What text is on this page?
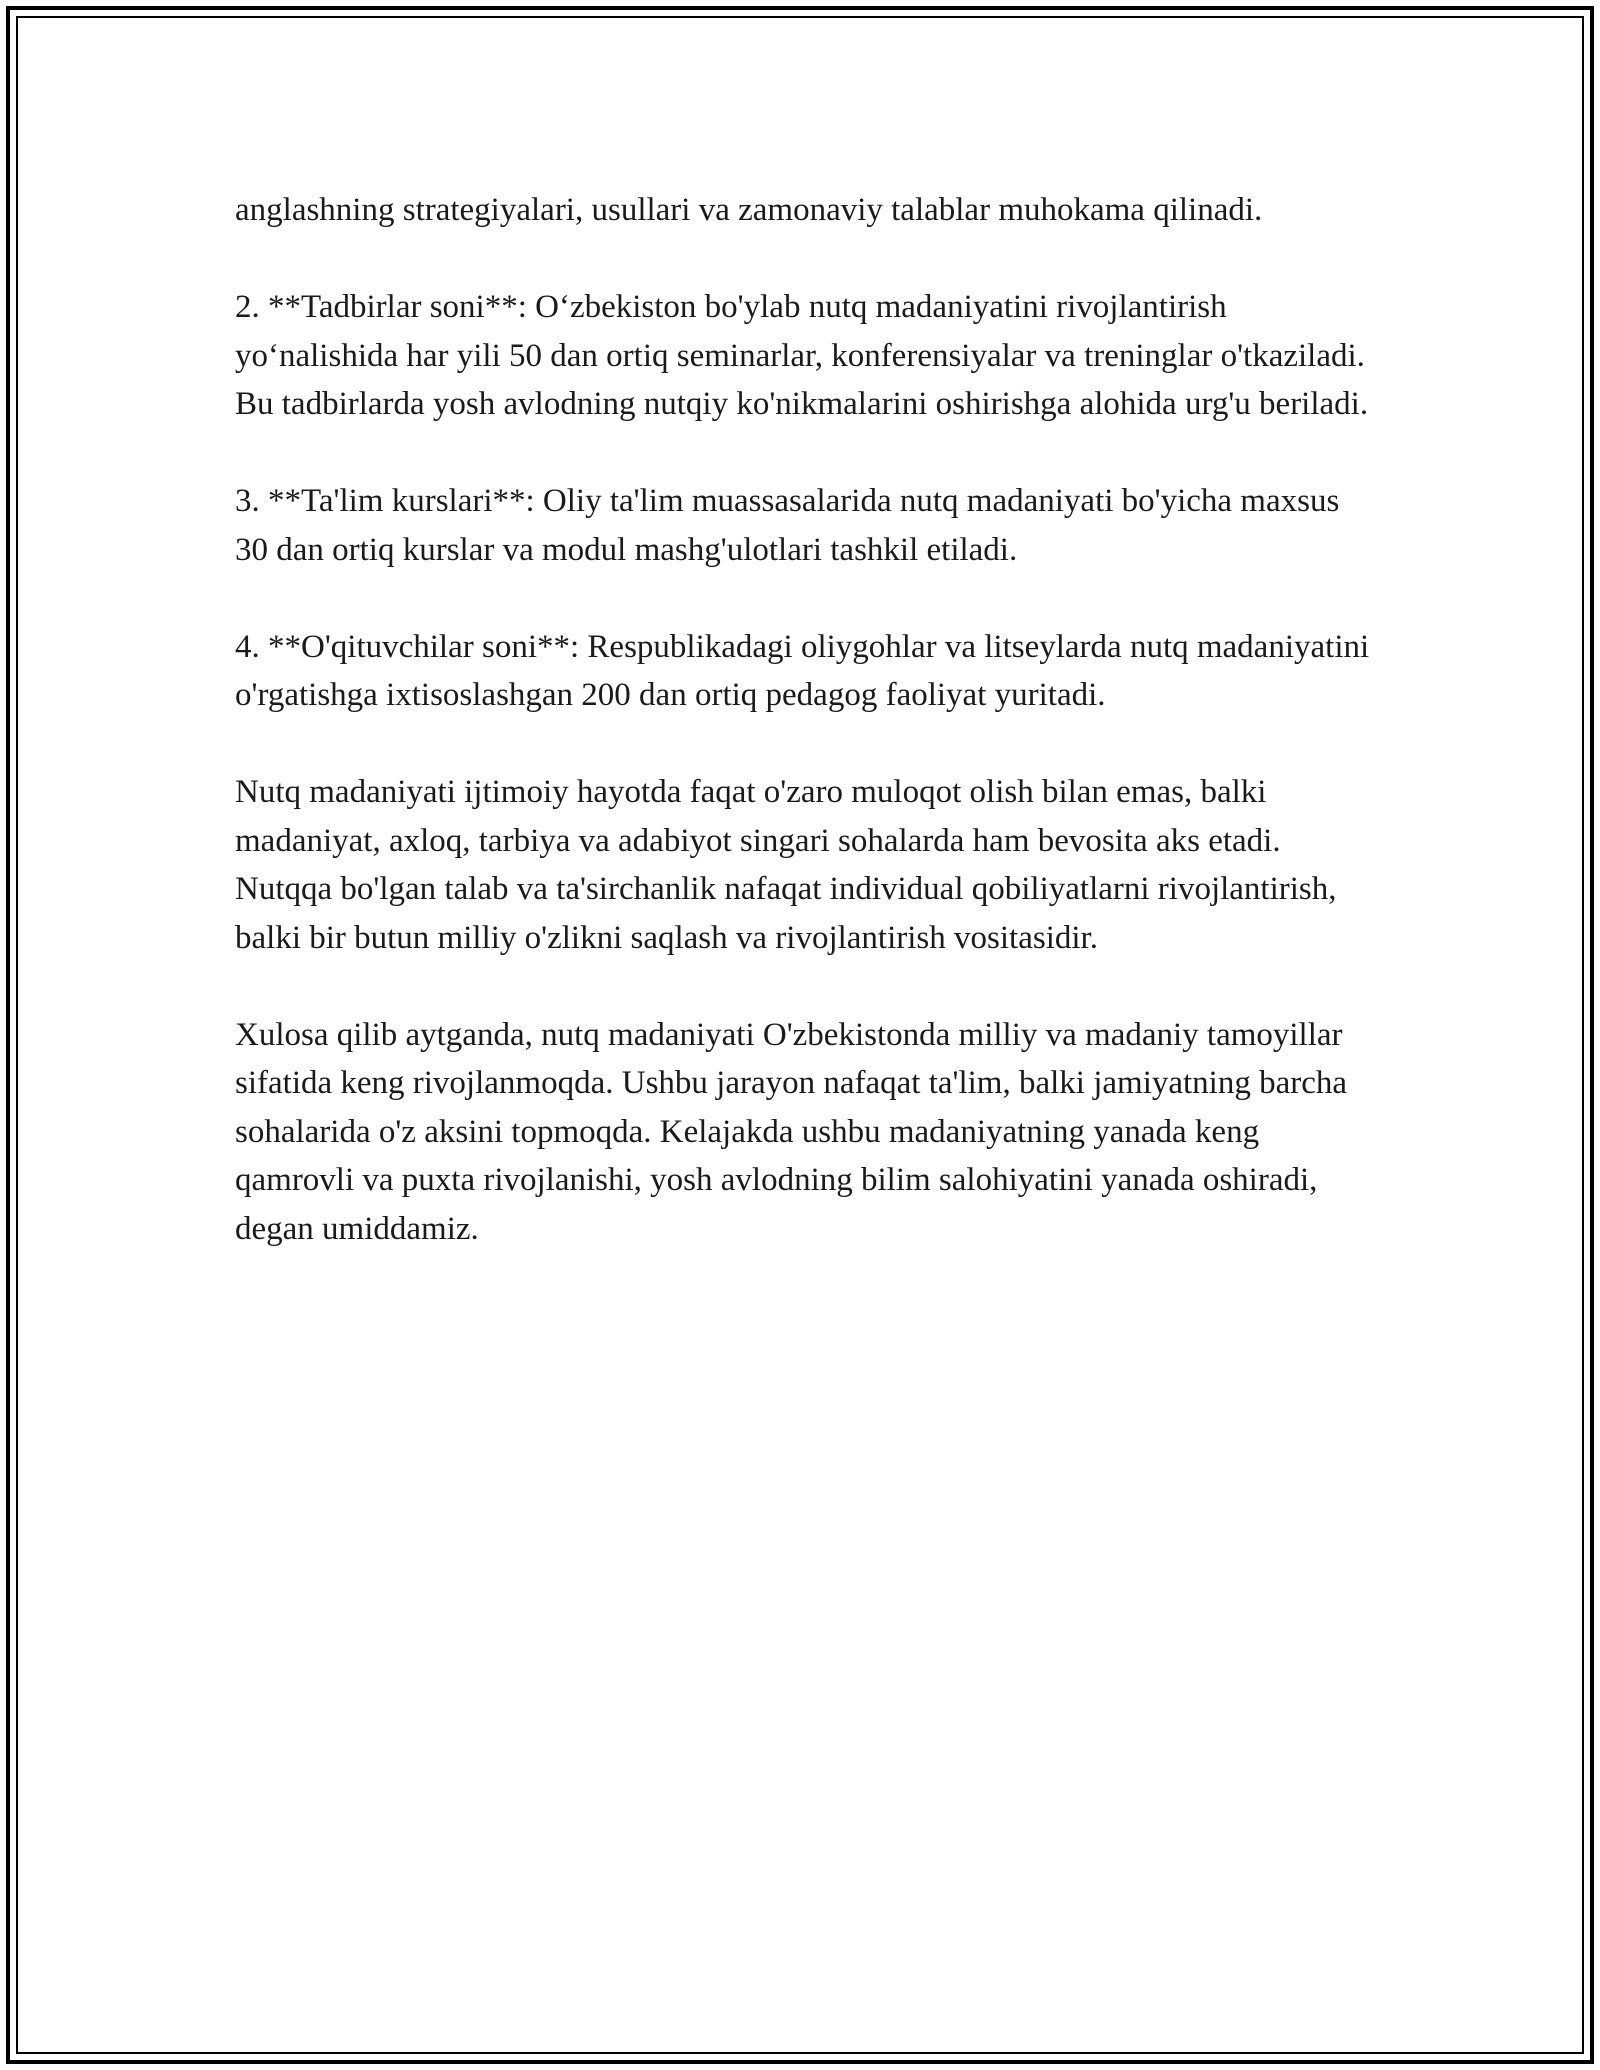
anglashning strategiyalari, usullari va zamonaviy talablar muhokama qilinadi.

2. **Tadbirlar soni**: O‘zbekiston bo'ylab nutq madaniyatini rivojlantirish yo‘nalishida har yili 50 dan ortiq seminarlar, konferensiyalar va treninglar o'tkaziladi. Bu tadbirlarda yosh avlodning nutqiy ko'nikmalarini oshirishga alohida urg'u beriladi.

3. **Ta'lim kurslari**: Oliy ta'lim muassasalarida nutq madaniyati bo'yicha maxsus 30 dan ortiq kurslar va modul mashg'ulotlari tashkil etiladi.

4. **O'qituvchilar soni**: Respublikadagi oliygohlar va litseylarda nutq madaniyatini o'rgatishga ixtisoslashgan 200 dan ortiq pedagog faoliyat yuritadi.

Nutq madaniyati ijtimoiy hayotda faqat o'zaro muloqot olish bilan emas, balki madaniyat, axloq, tarbiya va adabiyot singari sohalarda ham bevosita aks etadi. Nutqqa bo'lgan talab va ta'sirchanlik nafaqat individual qobiliyatlarni rivojlantirish, balki bir butun milliy o'zlikni saqlash va rivojlantirish vositasidir.

Xulosa qilib aytganda, nutq madaniyati O'zbekistonda milliy va madaniy tamoyillar sifatida keng rivojlanmoqda. Ushbu jarayon nafaqat ta'lim, balki jamiyatning barcha sohalarida o'z aksini topmoqda. Kelajakda ushbu madaniyatning yanada keng qamrovli va puxta rivojlanishi, yosh avlodning bilim salohiyatini yanada oshiradi, degan umiddamiz.
